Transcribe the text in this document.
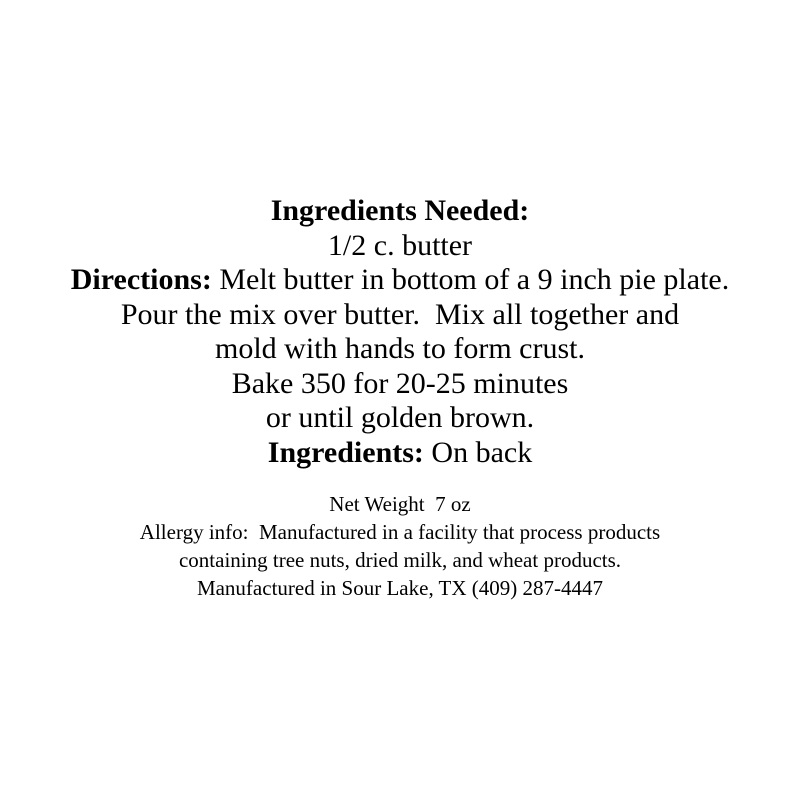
Ingredients Needed:
1/2 c. butter
Directions: Melt butter in bottom of a 9 inch pie plate.
Pour the mix over butter.  Mix all together and
mold with hands to form crust.
Bake 350 for 20-25 minutes
or until golden brown.
Ingredients: On back
Net Weight  7 oz
Allergy info:  Manufactured in a facility that process products
containing tree nuts, dried milk, and wheat products.
Manufactured in Sour Lake, TX (409) 287-4447
